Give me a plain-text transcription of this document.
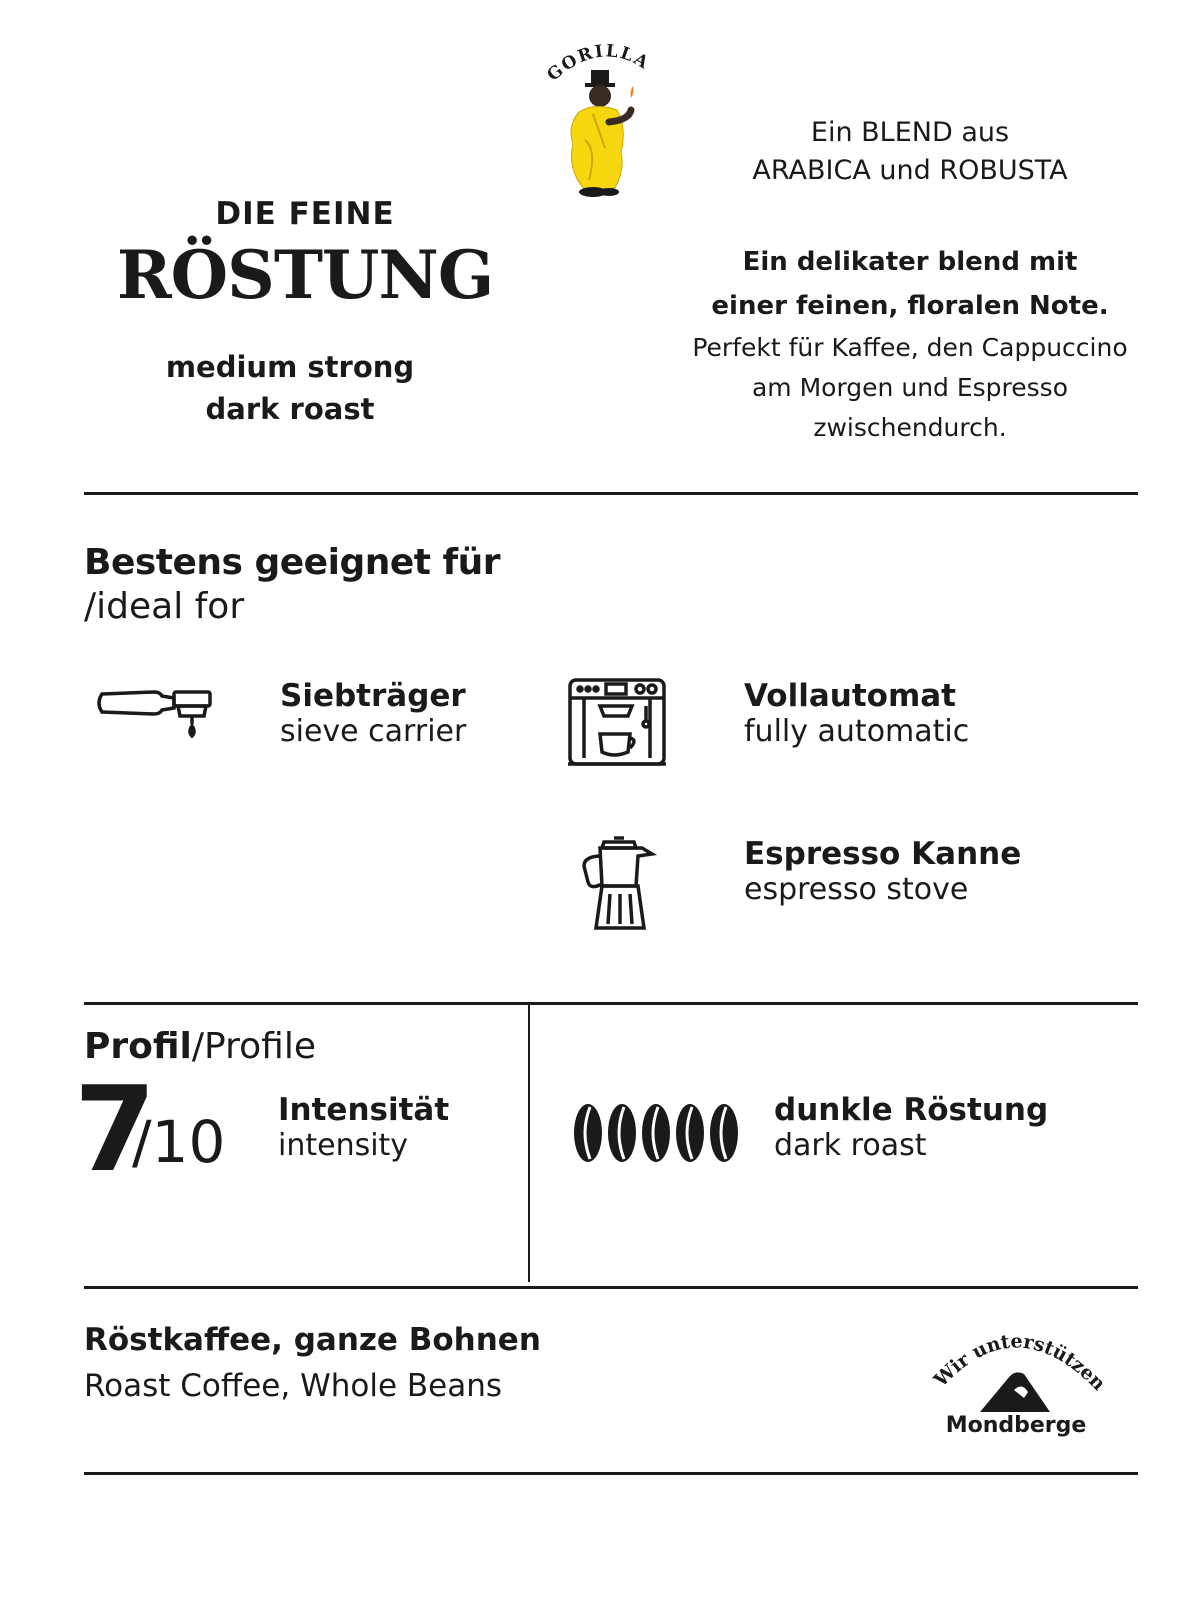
DIE FEINE
RÖSTUNG
medium strong
dark roast
GORILLA
Ein BLEND aus
ARABICA und ROBUSTA
Ein delikater blend mit
einer feinen, floralen Note.
Perfekt für Kaffee, den Cappuccino
am Morgen und Espresso
zwischendurch.
Bestens geeignet für
/ideal for
Siebträger
sieve carrier
Vollautomat
fully automatic
Espresso Kanne
espresso stove
Profil/Profile
7
/10 Intensität
intensity
dunkle Röstung
dark roast
Röstkaffee, ganze Bohnen
Roast Coffee, Whole Beans	Wir unterstützen
Mondberge
